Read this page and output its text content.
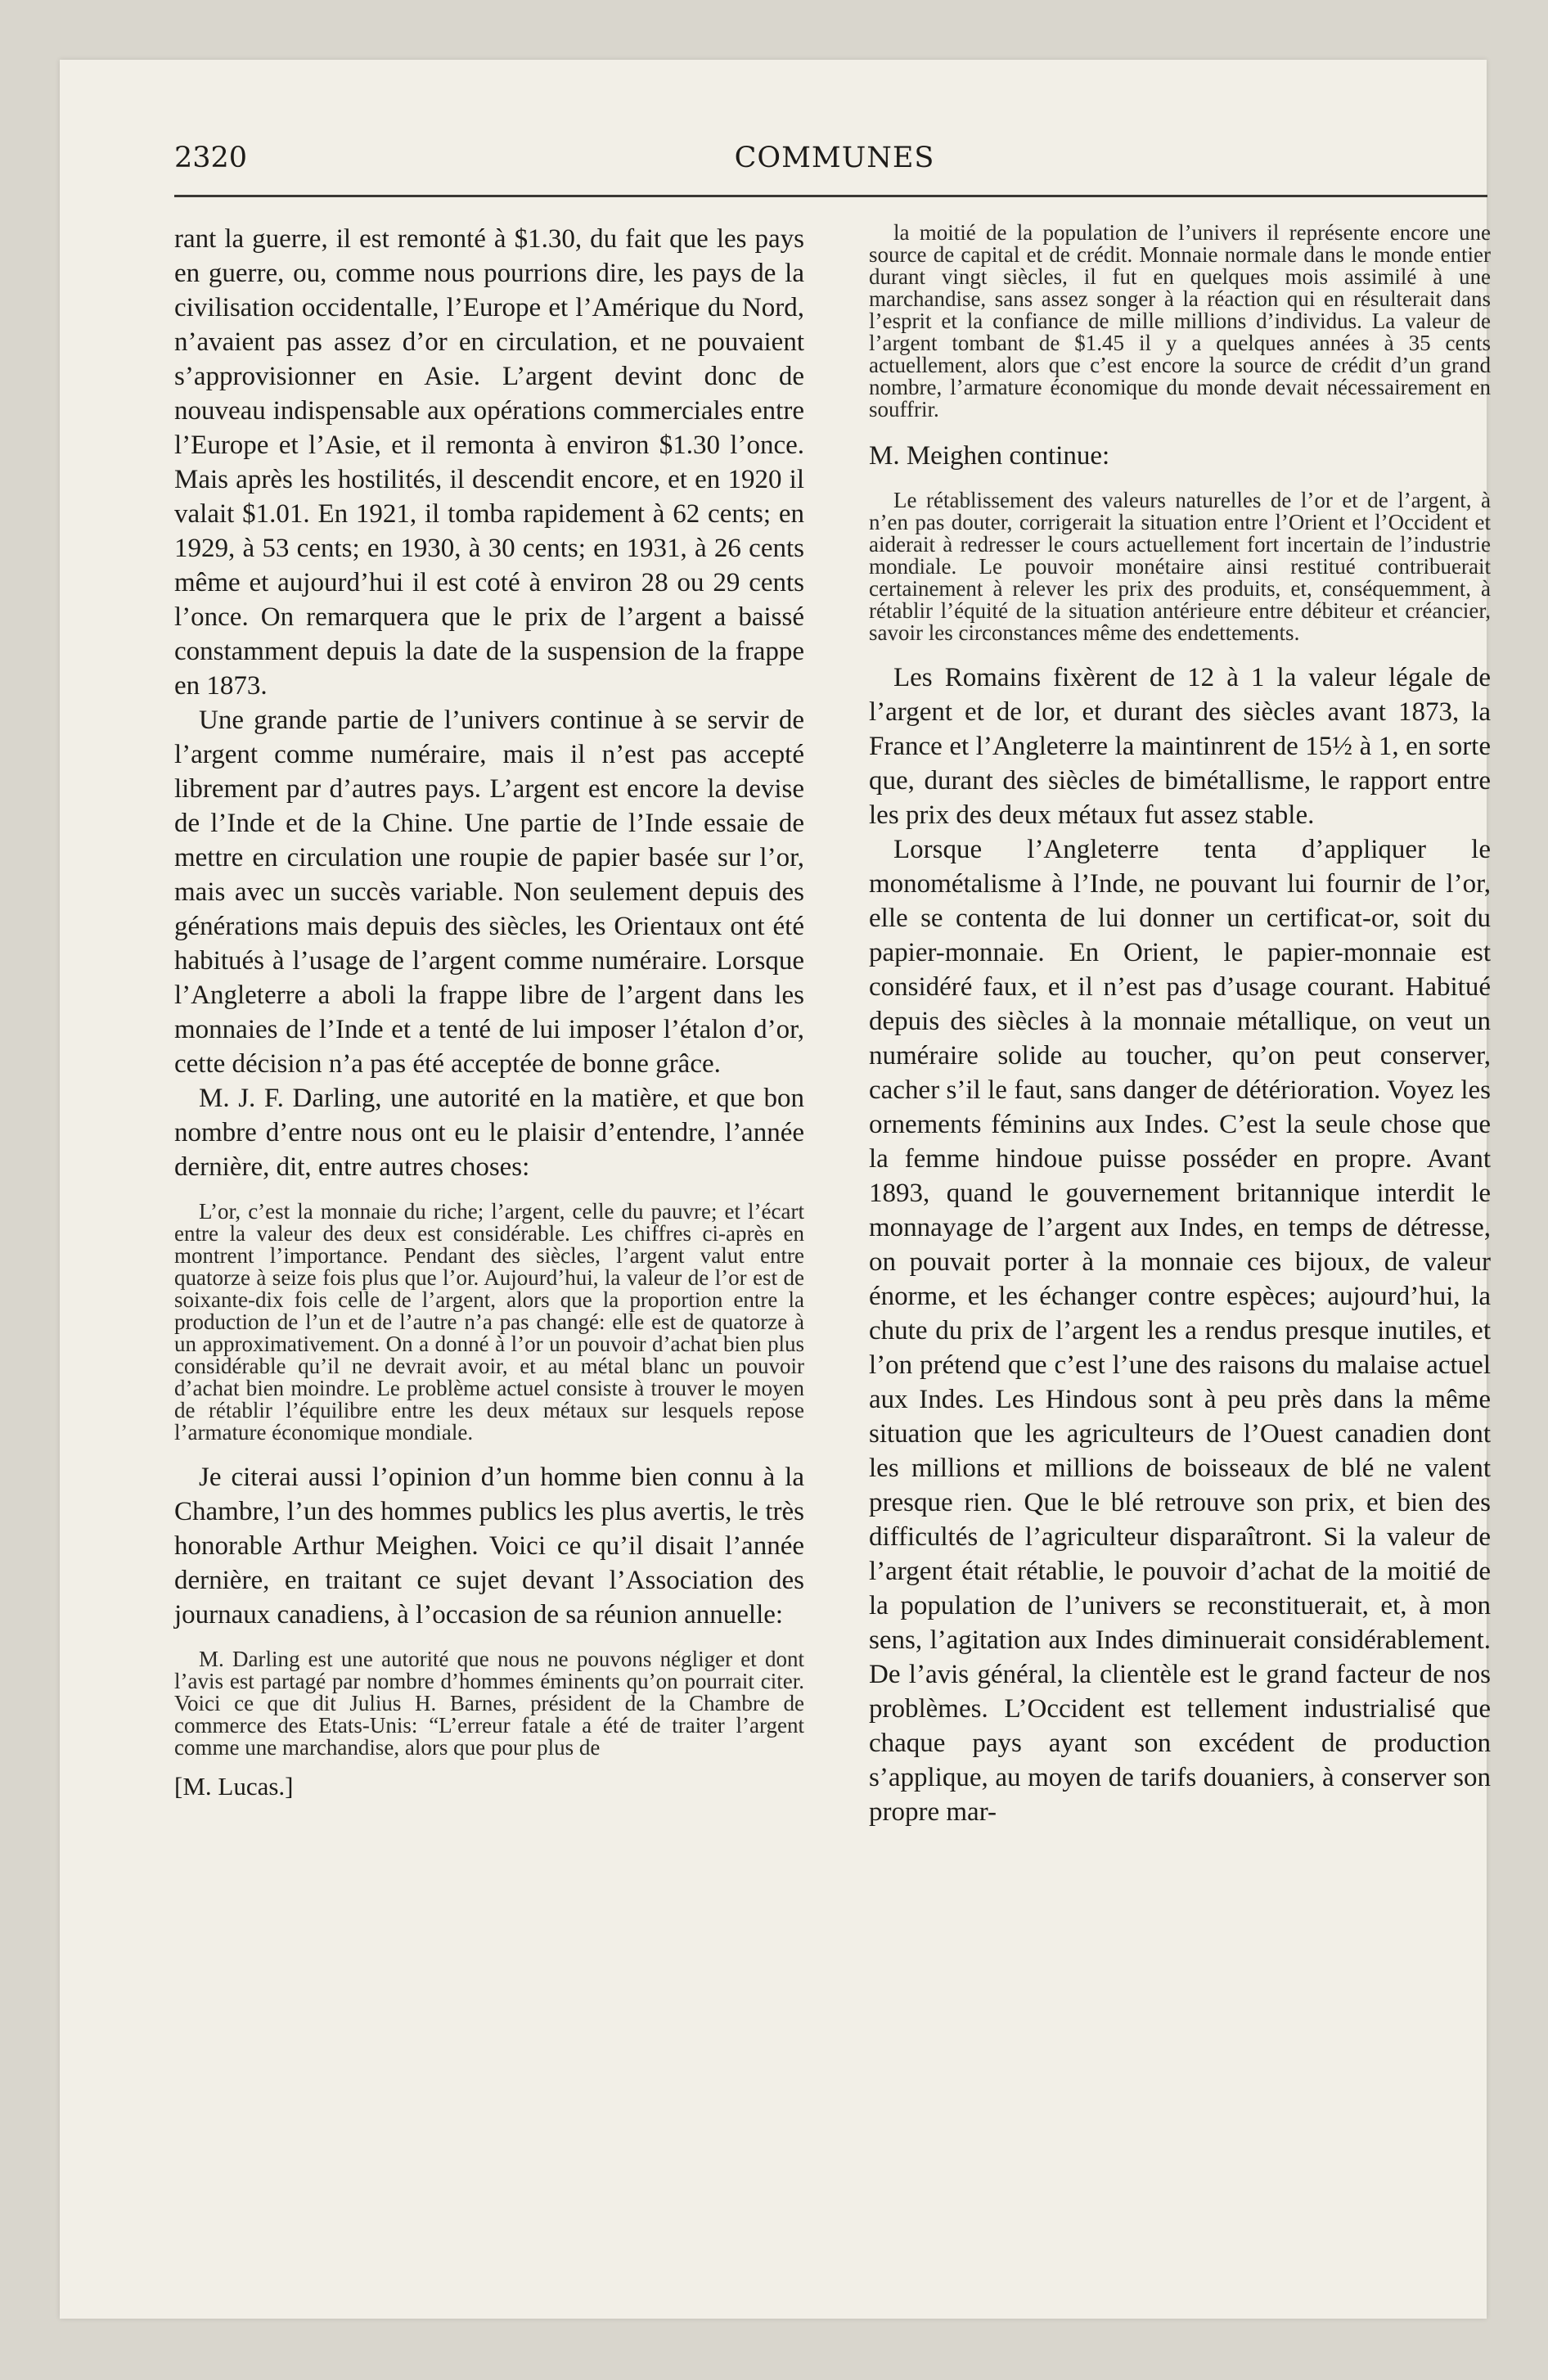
2320	COMMUNES

rant la guerre, il est remonté à $1.30, du fait que les pays en guerre, ou, comme nous pourrions dire, les pays de la civilisation occidentalle, l’Europe et l’Amérique du Nord, n’avaient pas assez d’or en circulation, et ne pouvaient s’approvisionner en Asie. L’argent devint donc de nouveau indispensable aux opérations commerciales entre l’Europe et l’Asie, et il remonta à environ $1.30 l’once. Mais après les hostilités, il descendit encore, et en 1920 il valait $1.01. En 1921, il tomba rapidement à 62 cents; en 1929, à 53 cents; en 1930, à 30 cents; en 1931, à 26 cents même et aujourd’hui il est coté à environ 28 ou 29 cents l’once. On remarquera que le prix de l’argent a baissé constamment depuis la date de la suspension de la frappe en 1873.

Une grande partie de l’univers continue à se servir de l’argent comme numéraire, mais il n’est pas accepté librement par d’autres pays. L’argent est encore la devise de l’Inde et de la Chine. Une partie de l’Inde essaie de mettre en circulation une roupie de papier basée sur l’or, mais avec un succès variable. Non seulement depuis des générations mais depuis des siècles, les Orientaux ont été habitués à l’usage de l’argent comme numéraire. Lorsque l’Angleterre a aboli la frappe libre de l’argent dans les monnaies de l’Inde et a tenté de lui imposer l’étalon d’or, cette décision n’a pas été acceptée de bonne grâce.

M. J. F. Darling, une autorité en la matière, et que bon nombre d’entre nous ont eu le plaisir d’entendre, l’année dernière, dit, entre autres choses:

L’or, c’est la monnaie du riche; l’argent, celle du pauvre; et l’écart entre la valeur des deux est considérable. Les chiffres ci-après en montrent l’importance. Pendant des siècles, l’argent valut entre quatorze à seize fois plus que l’or. Aujourd’hui, la valeur de l’or est de soixante-dix fois celle de l’argent, alors que la proportion entre la production de l’un et de l’autre n’a pas changé: elle est de quatorze à un approximativement. On a donné à l’or un pouvoir d’achat bien plus considérable qu’il ne devrait avoir, et au métal blanc un pouvoir d’achat bien moindre. Le problème actuel consiste à trouver le moyen de rétablir l’équilibre entre les deux métaux sur lesquels repose l’armature économique mondiale.

Je citerai aussi l’opinion d’un homme bien connu à la Chambre, l’un des hommes publics les plus avertis, le très honorable Arthur Meighen. Voici ce qu’il disait l’année dernière, en traitant ce sujet devant l’Association des journaux canadiens, à l’occasion de sa réunion annuelle:

M. Darling est une autorité que nous ne pouvons négliger et dont l’avis est partagé par nombre d’hommes éminents qu’on pourrait citer. Voici ce que dit Julius H. Barnes, président de la Chambre de commerce des Etats-Unis: “L’erreur fatale a été de traiter l’argent comme une marchandise, alors que pour plus de

[M. Lucas.]

la moitié de la population de l’univers il représente encore une source de capital et de crédit. Monnaie normale dans le monde entier durant vingt siècles, il fut en quelques mois assimilé à une marchandise, sans assez songer à la réaction qui en résulterait dans l’esprit et la confiance de mille millions d’individus. La valeur de l’argent tombant de $1.45 il y a quelques années à 35 cents actuellement, alors que c’est encore la source de crédit d’un grand nombre, l’armature économique du monde devait nécessairement en souffrir.

M. Meighen continue:

Le rétablissement des valeurs naturelles de l’or et de l’argent, à n’en pas douter, corrigerait la situation entre l’Orient et l’Occident et aiderait à redresser le cours actuellement fort incertain de l’industrie mondiale. Le pouvoir monétaire ainsi restitué contribuerait certainement à relever les prix des produits, et, conséquemment, à rétablir l’équité de la situation antérieure entre débiteur et créancier, savoir les circonstances même des endettements.

Les Romains fixèrent de 12 à 1 la valeur légale de l’argent et de lor, et durant des siècles avant 1873, la France et l’Angleterre la maintinrent de 15½ à 1, en sorte que, durant des siècles de bimétallisme, le rapport entre les prix des deux métaux fut assez stable.

Lorsque l’Angleterre tenta d’appliquer le monométalisme à l’Inde, ne pouvant lui fournir de l’or, elle se contenta de lui donner un certificat-or, soit du papier-monnaie. En Orient, le papier-monnaie est considéré faux, et il n’est pas d’usage courant. Habitué depuis des siècles à la monnaie métallique, on veut un numéraire solide au toucher, qu’on peut conserver, cacher s’il le faut, sans danger de détérioration. Voyez les ornements féminins aux Indes. C’est la seule chose que la femme hindoue puisse posséder en propre. Avant 1893, quand le gouvernement britannique interdit le monnayage de l’argent aux Indes, en temps de détresse, on pouvait porter à la monnaie ces bijoux, de valeur énorme, et les échanger contre espèces; aujourd’hui, la chute du prix de l’argent les a rendus presque inutiles, et l’on prétend que c’est l’une des raisons du malaise actuel aux Indes. Les Hindous sont à peu près dans la même situation que les agriculteurs de l’Ouest canadien dont les millions et millions de boisseaux de blé ne valent presque rien. Que le blé retrouve son prix, et bien des difficultés de l’agriculteur disparaîtront. Si la valeur de l’argent était rétablie, le pouvoir d’achat de la moitié de la population de l’univers se reconstituerait, et, à mon sens, l’agitation aux Indes diminuerait considérablement. De l’avis général, la clientèle est le grand facteur de nos problèmes. L’Occident est tellement industrialisé que chaque pays ayant son excédent de production s’applique, au moyen de tarifs douaniers, à conserver son propre mar-
